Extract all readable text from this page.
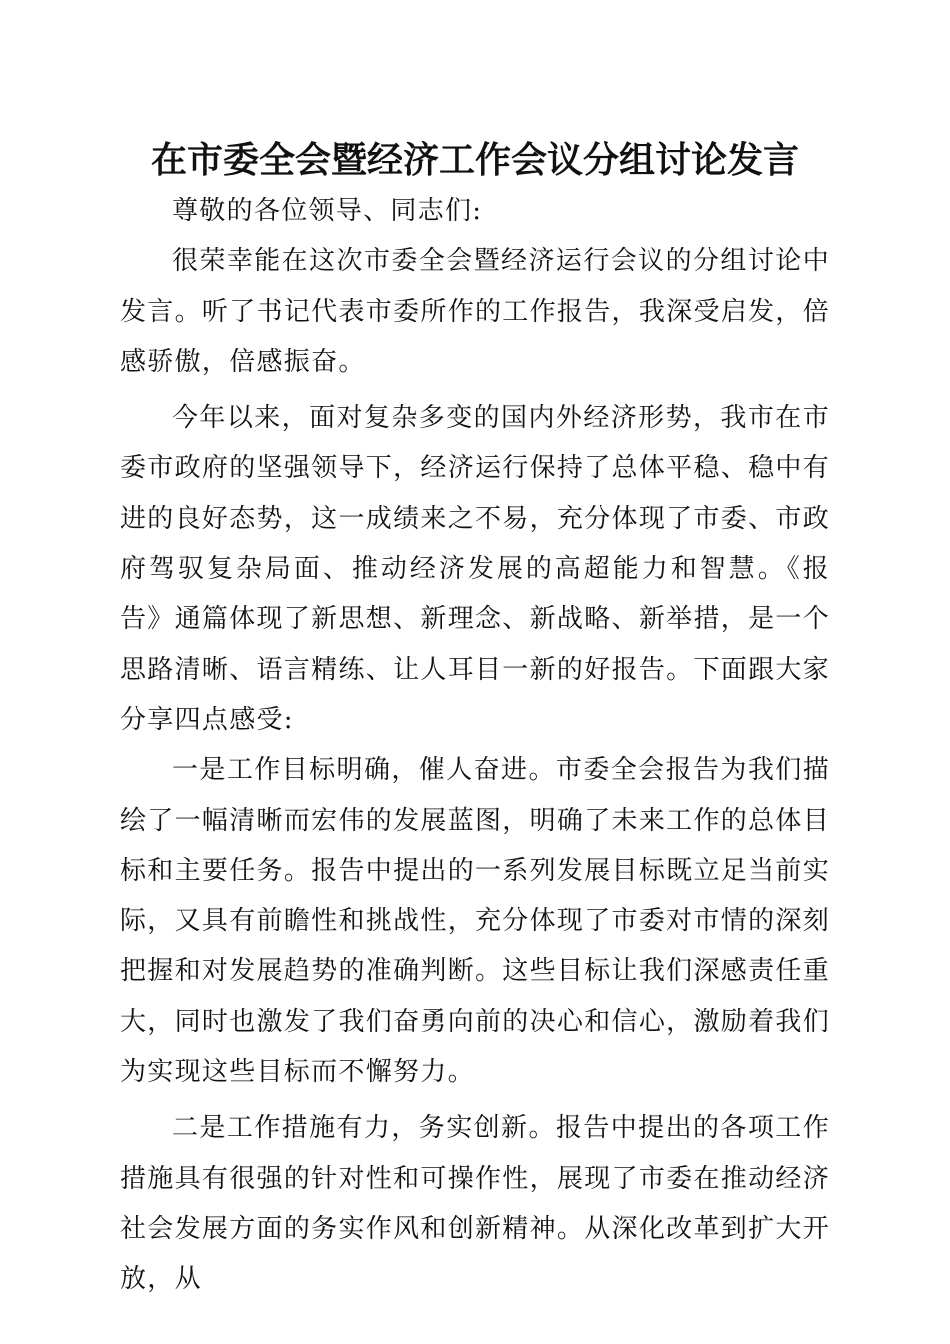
在市委全会暨经济工作会议分组讨论发言

尊敬的各位领导、同志们:

很荣幸能在这次市委全会暨经济运行会议的分组讨论中发言。听了书记代表市委所作的工作报告，我深受启发，倍感骄傲，倍感振奋。

今年以来，面对复杂多变的国内外经济形势，我市在市委市政府的坚强领导下，经济运行保持了总体平稳、稳中有进的良好态势，这一成绩来之不易，充分体现了市委、市政府驾驭复杂局面、推动经济发展的高超能力和智慧。《报告》通篇体现了新思想、新理念、新战略、新举措，是一个思路清晰、语言精练、让人耳目一新的好报告。下面跟大家分享四点感受:

一是工作目标明确，催人奋进。市委全会报告为我们描绘了一幅清晰而宏伟的发展蓝图，明确了未来工作的总体目标和主要任务。报告中提出的一系列发展目标既立足当前实际，又具有前瞻性和挑战性，充分体现了市委对市情的深刻把握和对发展趋势的准确判断。这些目标让我们深感责任重大，同时也激发了我们奋勇向前的决心和信心，激励着我们为实现这些目标而不懈努力。

二是工作措施有力，务实创新。报告中提出的各项工作措施具有很强的针对性和可操作性，展现了市委在推动经济社会发展方面的务实作风和创新精神。从深化改革到扩大开放，从
